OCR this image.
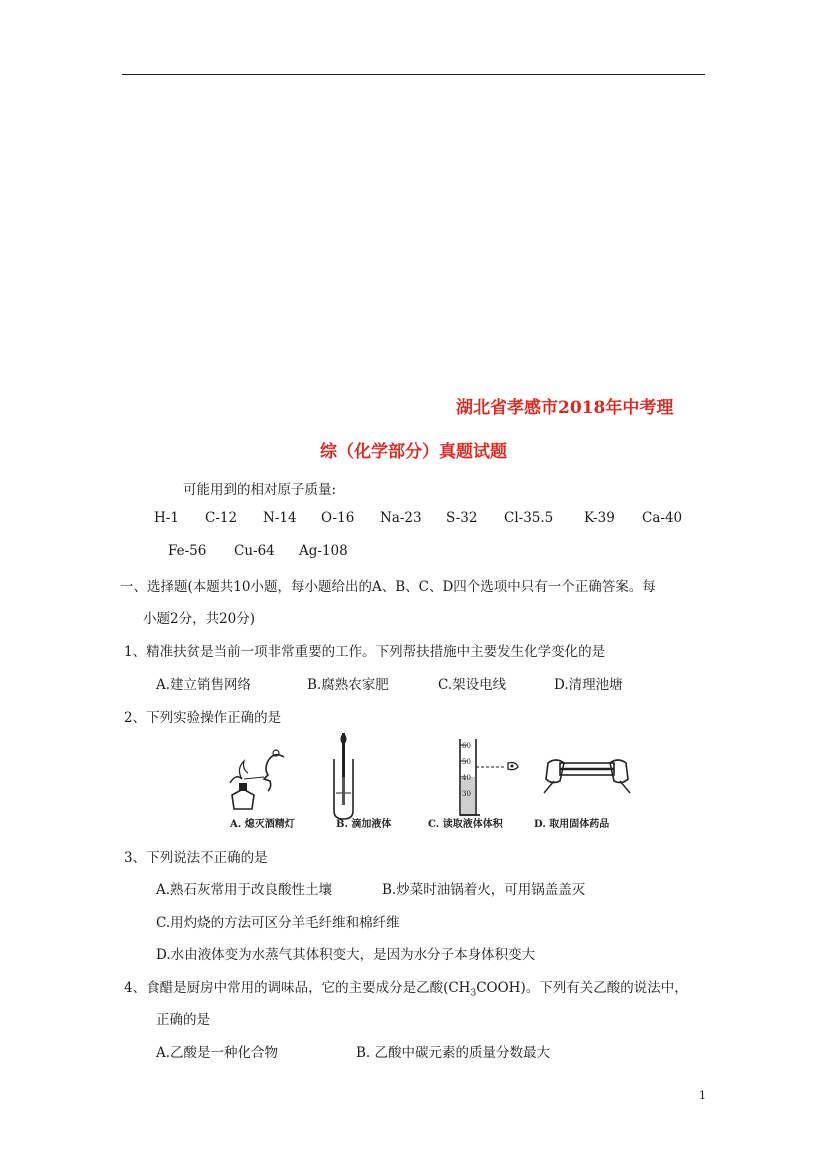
湖北省孝感市2018年中考理
综（化学部分）真题试题
可能用到的相对原子质量:
H-1 C-12 N-14 O-16 Na-23 S-32 Cl-35.5 K-39 Ca-40
Fe-56 Cu-64 Ag-108
一、选择题(本题共10小题，每小题给出的A、B、C、D四个选项中只有一个正确答案。每
小题2分，共20分)
1、精准扶贫是当前一项非常重要的工作。下列帮扶措施中主要发生化学变化的是
A.建立销售网络	B.腐熟农家肥	C.架设电线	D.清理池塘
2、下列实验操作正确的是
A. 熄灭酒精灯	B. 滴加液体
60
50
40
30
C. 读取液体体积	D. 取用固体药品
3、下列说法不正确的是
A.熟石灰常用于改良酸性土壤	B.炒菜时油锅着火，可用锅盖盖灭
C.用灼烧的方法可区分羊毛纤维和棉纤维
D.水由液体变为水蒸气其体积变大，是因为水分子本身体积变大
4、食醋是厨房中常用的调味品，它的主要成分是乙酸$(CH_3COOH)$。下列有关乙酸的说法中，
正确的是
A.乙酸是一种化合物	B. 乙酸中碳元素的质量分数最大
1
